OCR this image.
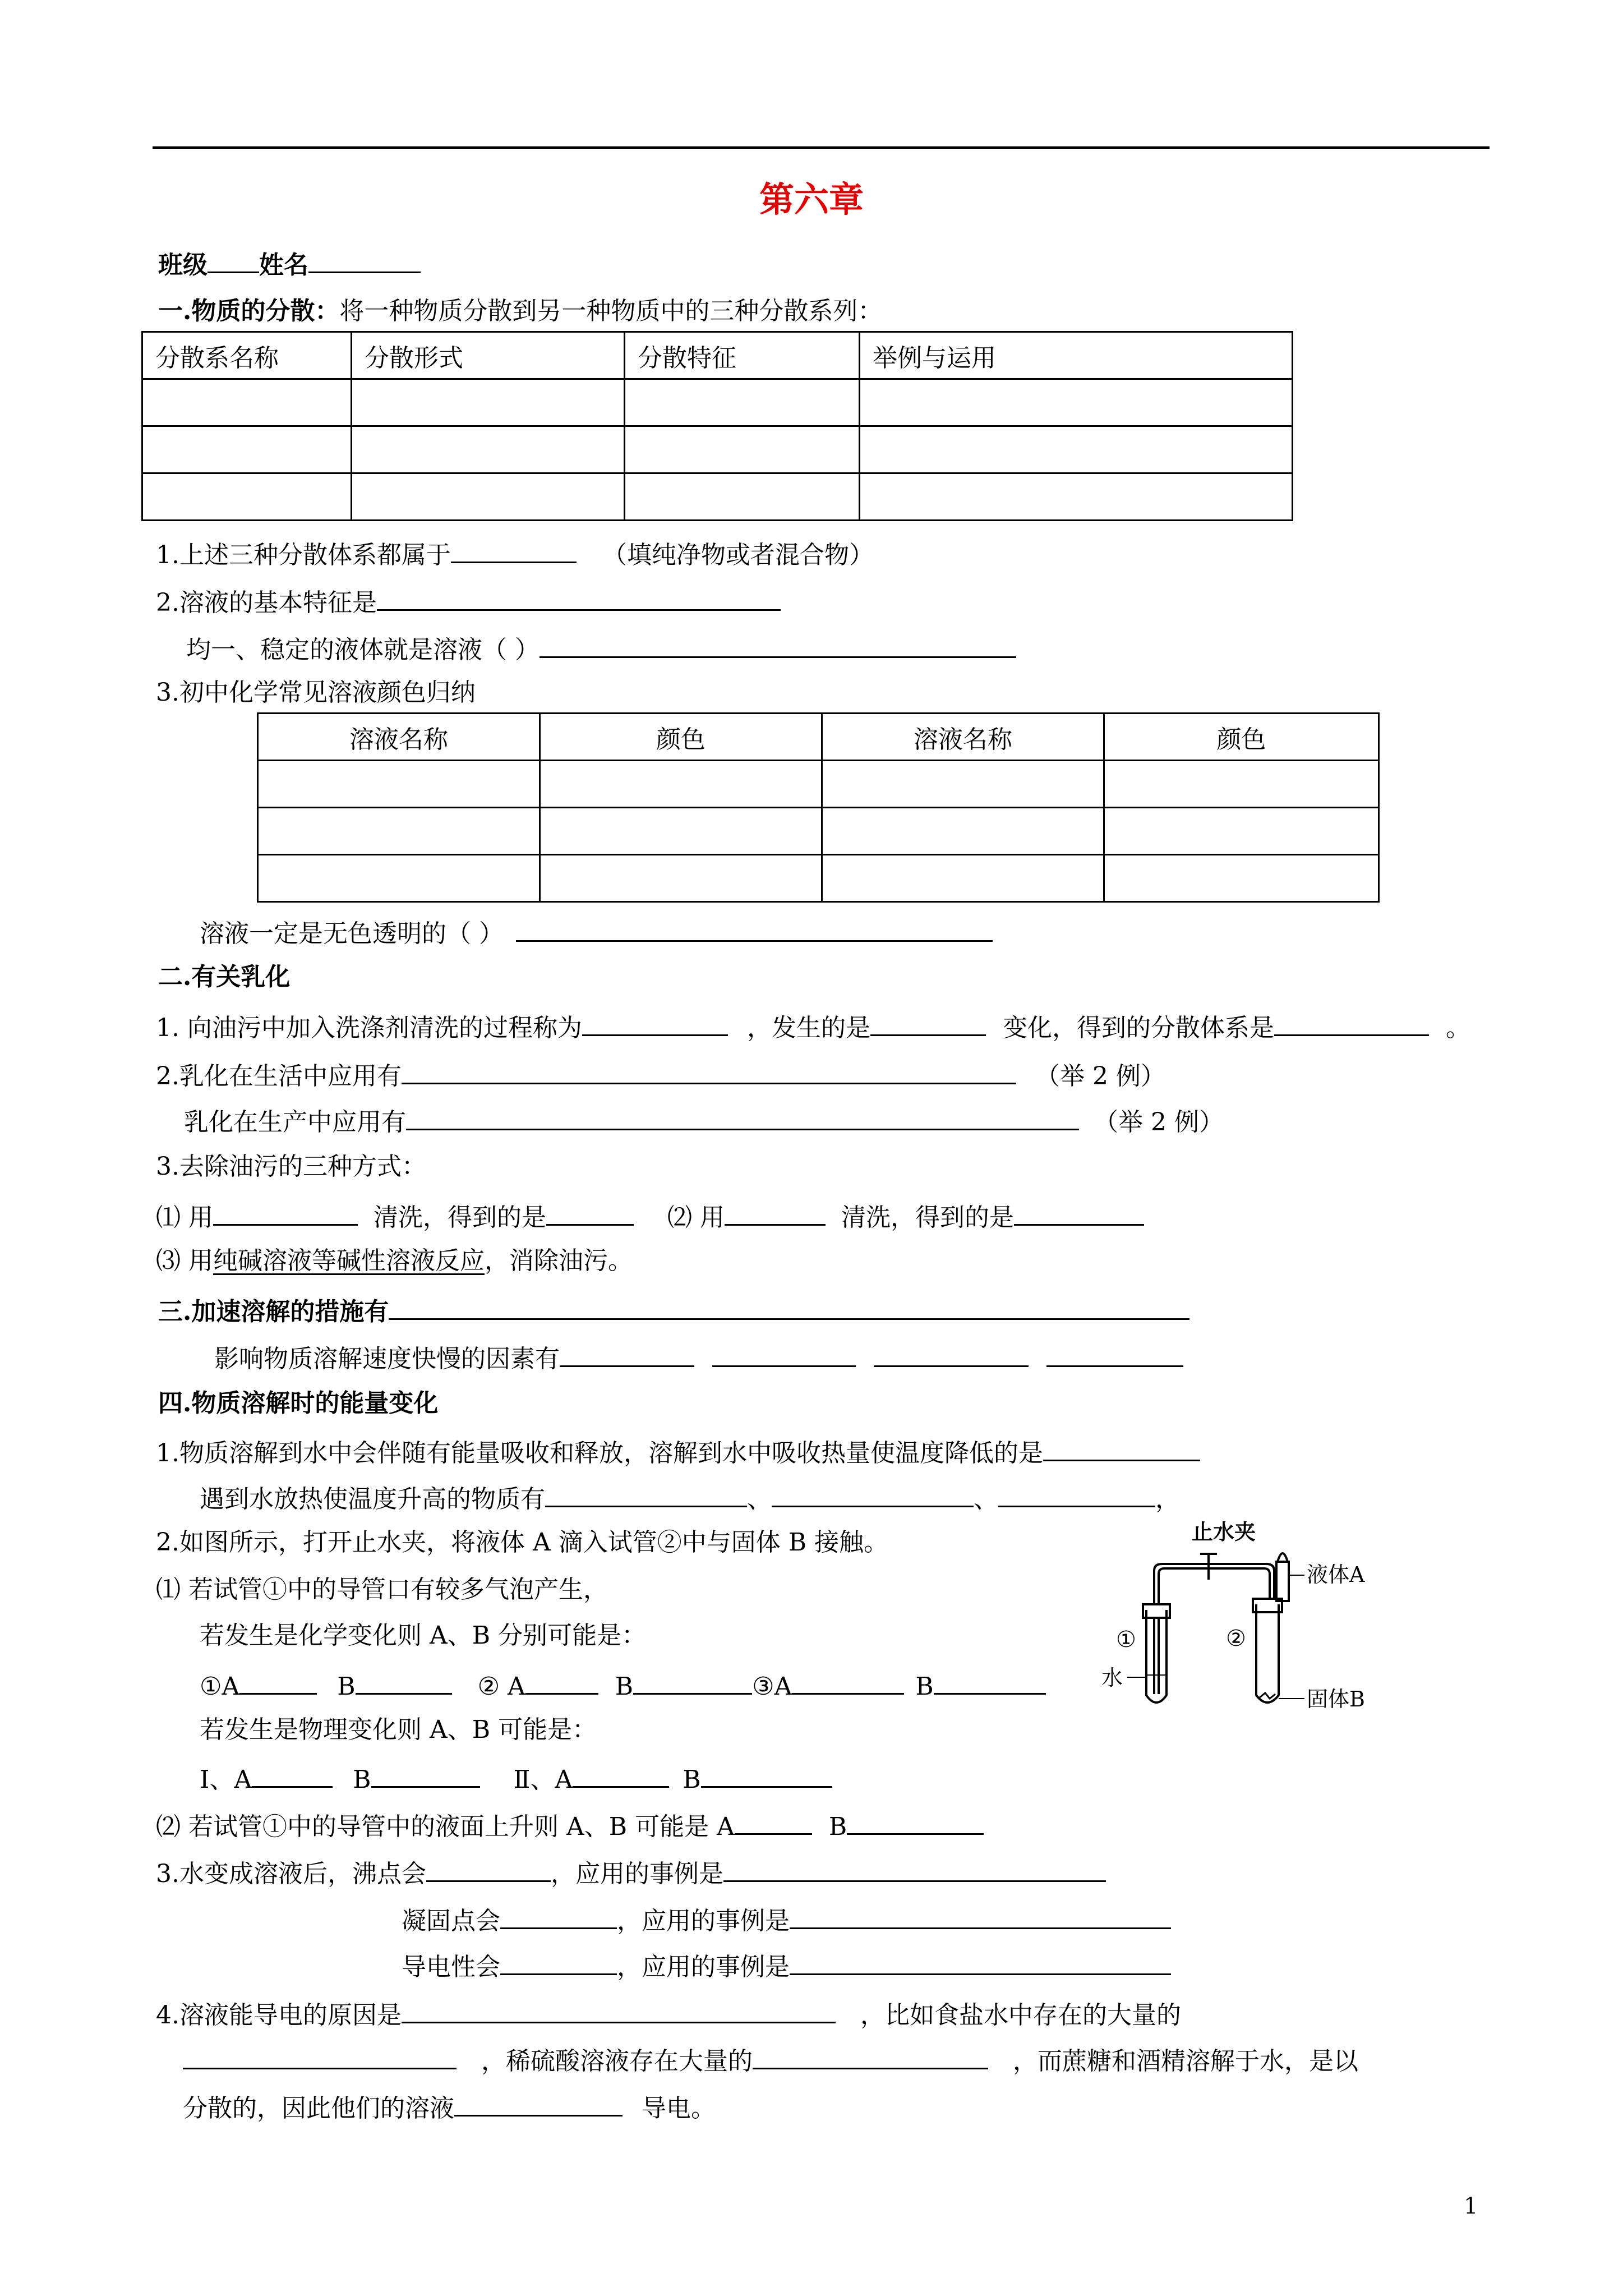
第六章
班级 姓名
一.物质的分散：将一种物质分散到另一种物质中的三种分散系列：
分散系名称	分散形式	分散特征	举例与运用

1.上述三种分散体系都属于	（填纯净物或者混合物）
2.溶液的基本特征是
均一、稳定的液体就是溶液（ ）
3.初中化学常见溶液颜色归纳
溶液名称	颜色	溶液名称	颜色

溶液一定是无色透明的（ ）
二.有关乳化
1. 向油污中加入洗涤剂清洗的过程称为	，发生的是	变化，得到的分散体系是	。
2.乳化在生活中应用有	（举 2 例）
乳化在生产中应用有	（举 2 例）
3.去除油污的三种方式：
⑴ 用	清洗，得到的是	⑵ 用	清洗，得到的是
⑶ 用纯碱溶液等碱性溶液反应，消除油污。
三.加速溶解的措施有
影响物质溶解速度快慢的因素有
四.物质溶解时的能量变化
1.物质溶解到水中会伴随有能量吸收和释放，溶解到水中吸收热量使温度降低的是
遇到水放热使温度升高的物质有	、	、	，
2.如图所示，打开止水夹，将液体 A 滴入试管②中与固体 B 接触。
⑴ 若试管①中的导管口有较多气泡产生，
若发生是化学变化则 A、B 分别可能是：
①A	B	② A	B	③A	B
若发生是物理变化则 A、B 可能是：
Ⅰ、A	B	Ⅱ、A	B
⑵ 若试管①中的导管中的液面上升则 A、B 可能是 A	B
3.水变成溶液后，沸点会	，应用的事例是
凝固点会	，应用的事例是
导电性会	，应用的事例是
4.溶液能导电的原因是	，比如食盐水中存在的大量的
，稀硫酸溶液存在大量的	，而蔗糖和酒精溶解于水，是以
分散的，因此他们的溶液	导电。
止水夹
液体A
①	②
水
固体B
1
